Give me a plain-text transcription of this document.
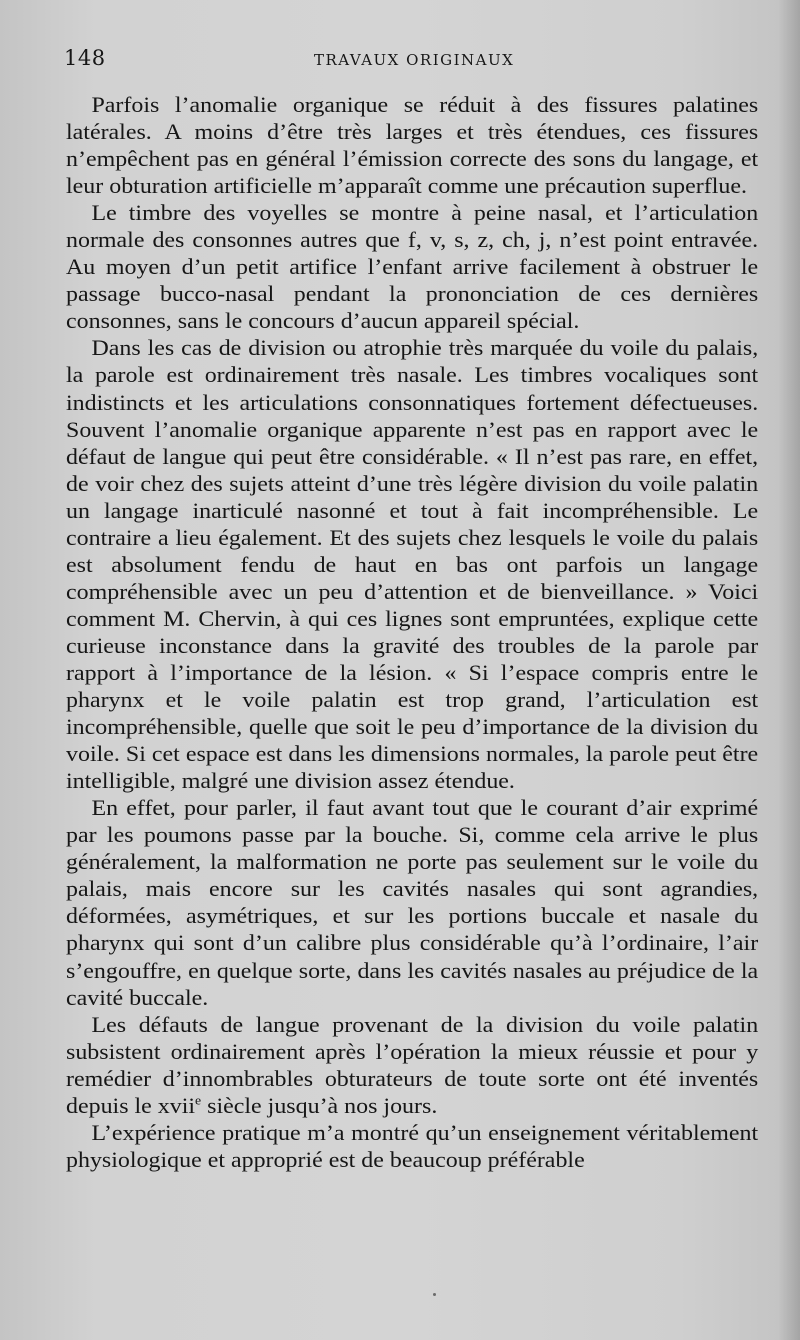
148	TRAVAUX ORIGINAUX

Parfois l’anomalie organique se réduit à des fissures palatines latérales. A moins d’être très larges et très étendues, ces fissures n’empêchent pas en général l’émission correcte des sons du langage, et leur obturation artificielle m’apparaît comme une précaution superflue.

Le timbre des voyelles se montre à peine nasal, et l’articulation normale des consonnes autres que f, v, s, z, ch, j, n’est point entravée. Au moyen d’un petit artifice l’enfant arrive facilement à obstruer le passage bucco-nasal pendant la prononciation de ces dernières consonnes, sans le concours d’aucun appareil spécial.

Dans les cas de division ou atrophie très marquée du voile du palais, la parole est ordinairement très nasale. Les timbres vocaliques sont indistincts et les articulations consonnatiques fortement défectueuses. Souvent l’anomalie organique apparente n’est pas en rapport avec le défaut de langue qui peut être considérable. « Il n’est pas rare, en effet, de voir chez des sujets atteint d’une très légère division du voile palatin un langage inarticulé nasonné et tout à fait incompréhensible. Le contraire a lieu également. Et des sujets chez lesquels le voile du palais est absolument fendu de haut en bas ont parfois un langage compréhensible avec un peu d’attention et de bienveillance. » Voici comment M. Chervin, à qui ces lignes sont empruntées, explique cette curieuse inconstance dans la gravité des troubles de la parole par rapport à l’importance de la lésion. « Si l’espace compris entre le pharynx et le voile palatin est trop grand, l’articulation est incompréhensible, quelle que soit le peu d’importance de la division du voile. Si cet espace est dans les dimensions normales, la parole peut être intelligible, malgré une division assez étendue.

En effet, pour parler, il faut avant tout que le courant d’air exprimé par les poumons passe par la bouche. Si, comme cela arrive le plus généralement, la malformation ne porte pas seulement sur le voile du palais, mais encore sur les cavités nasales qui sont agrandies, déformées, asymétriques, et sur les portions buccale et nasale du pharynx qui sont d’un calibre plus considérable qu’à l’ordinaire, l’air s’engouffre, en quelque sorte, dans les cavités nasales au préjudice de la cavité buccale.

Les défauts de langue provenant de la division du voile palatin subsistent ordinairement après l’opération la mieux réussie et pour y remédier d’innombrables obturateurs de toute sorte ont été inventés depuis le xvii$^e$ siècle jusqu’à nos jours.

L’expérience pratique m’a montré qu’un enseignement véritablement physiologique et approprié est de beaucoup préférable
